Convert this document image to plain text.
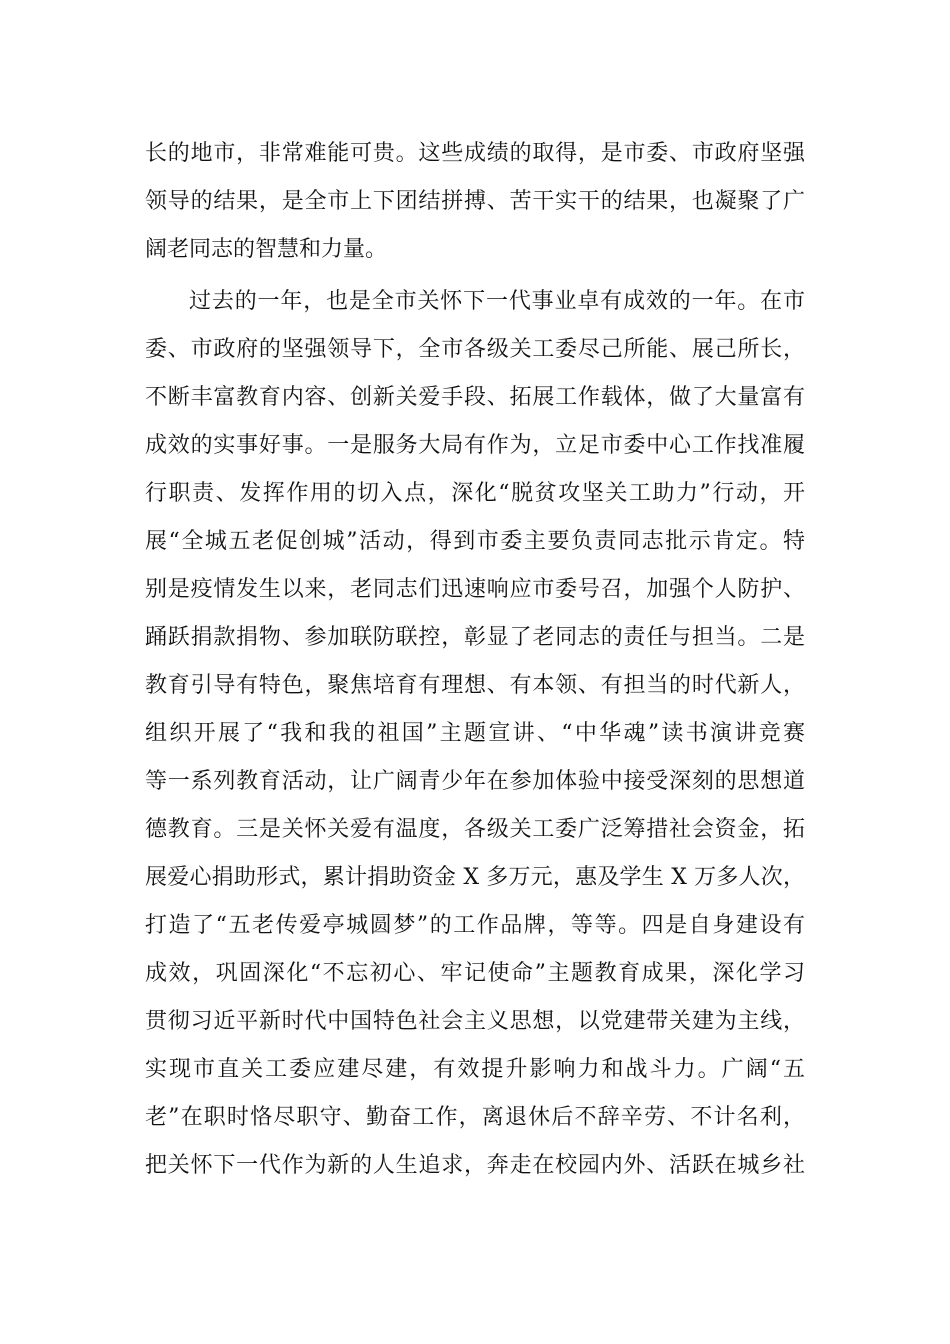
长的地市，非常难能可贵。这些成绩的取得，是市委、市政府坚强
领导的结果，是全市上下团结拼搏、苦干实干的结果，也凝聚了广
阔老同志的智慧和力量。
过去的一年，也是全市关怀下一代事业卓有成效的一年。在市
委、市政府的坚强领导下，全市各级关工委尽己所能、展己所长，
不断丰富教育内容、创新关爱手段、拓展工作载体，做了大量富有
成效的实事好事。一是服务大局有作为，立足市委中心工作找准履
行职责、发挥作用的切入点，深化“脱贫攻坚关工助力”行动，开
展“全城五老促创城”活动，得到市委主要负责同志批示肯定。特
别是疫情发生以来，老同志们迅速响应市委号召，加强个人防护、
踊跃捐款捐物、参加联防联控，彰显了老同志的责任与担当。二是
教育引导有特色，聚焦培育有理想、有本领、有担当的时代新人，
组织开展了“我和我的祖国”主题宣讲、“中华魂”读书演讲竞赛
等一系列教育活动，让广阔青少年在参加体验中接受深刻的思想道
德教育。三是关怀关爱有温度，各级关工委广泛筹措社会资金，拓
展爱心捐助形式，累计捐助资金 X 多万元，惠及学生 X 万多人次，
打造了“五老传爱亭城圆梦”的工作品牌，等等。四是自身建设有
成效，巩固深化“不忘初心、牢记使命”主题教育成果，深化学习
贯彻习近平新时代中国特色社会主义思想，以党建带关建为主线，
实现市直关工委应建尽建，有效提升影响力和战斗力。广阔“五
老”在职时恪尽职守、勤奋工作，离退休后不辞辛劳、不计名利，
把关怀下一代作为新的人生追求，奔走在校园内外、活跃在城乡社
